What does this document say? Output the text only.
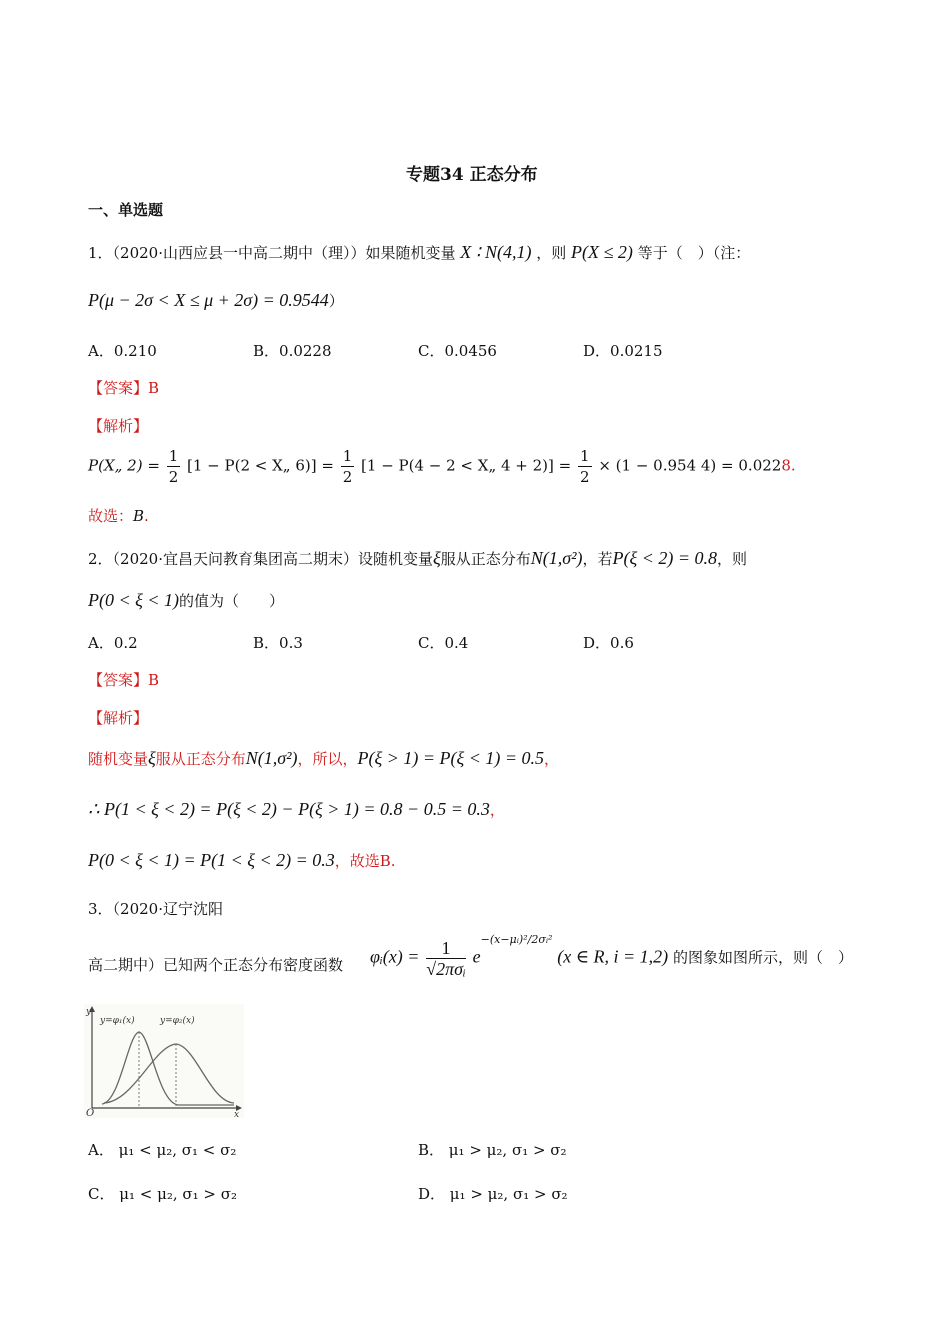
专题34 正态分布
一、单选题
1．（2020·山西应县一中高二期中（理））如果随机变量 X ∶ N(4,1) ，则 P(X ≤ 2) 等于（　）（注：
P(μ − 2σ < X ≤ μ + 2σ) = 0.9544）
A．0.210	B．0.0228	C．0.0456	D．0.0215
【答案】B
【解析】
P(X„ $2) = \frac{1}{2} [1 - P(2$ < X„ $6)] = \frac{1}{2} [1 - P(4 - 2$ < X„ $4 + 2)] = \frac{1}{2} \times (1 - 0.954$ 4) = 0.0228.
故选：B.
2．（2020·宜昌天问教育集团高二期末）设随机变量ξ服从正态分布N(1,σ²)，若P(ξ < 2) = 0.8，则
P(0 < ξ < 1)的值为（　　）
A．0.2	B．0.3	C．0.4	D．0.6
【答案】B
【解析】
随机变量ξ服从正态分布N(1,σ²)，所以，P(ξ > 1) = P(ξ < 1) = 0.5，
∴ P(1 < ξ < 2) = P(ξ < 2) − P(ξ > 1) = 0.8 − 0.5 = 0.3，
P(0 < ξ < 1) = P(1 < ξ < 2) = 0.3，故选B.
3．（2020·辽宁沈阳
高二期中）已知两个正态分布密度函数 φᵢ(x) = $\frac{1}{\text{√2πσᵢ}} e^{-(x-\mu ᵢ)^2/2\sigma ᵢ^2}$ (x ∈ R, i = 1,2) 的图象如图所示，则（　）
O	x
y
y=φ₁(x)	y=φ₂(x)
A． μ₁ < μ₂, σ₁ < σ₂	B． μ₁ > μ₂, σ₁ > σ₂
C． μ₁ < μ₂, σ₁ > σ₂	D． μ₁ > μ₂, σ₁ > σ₂
